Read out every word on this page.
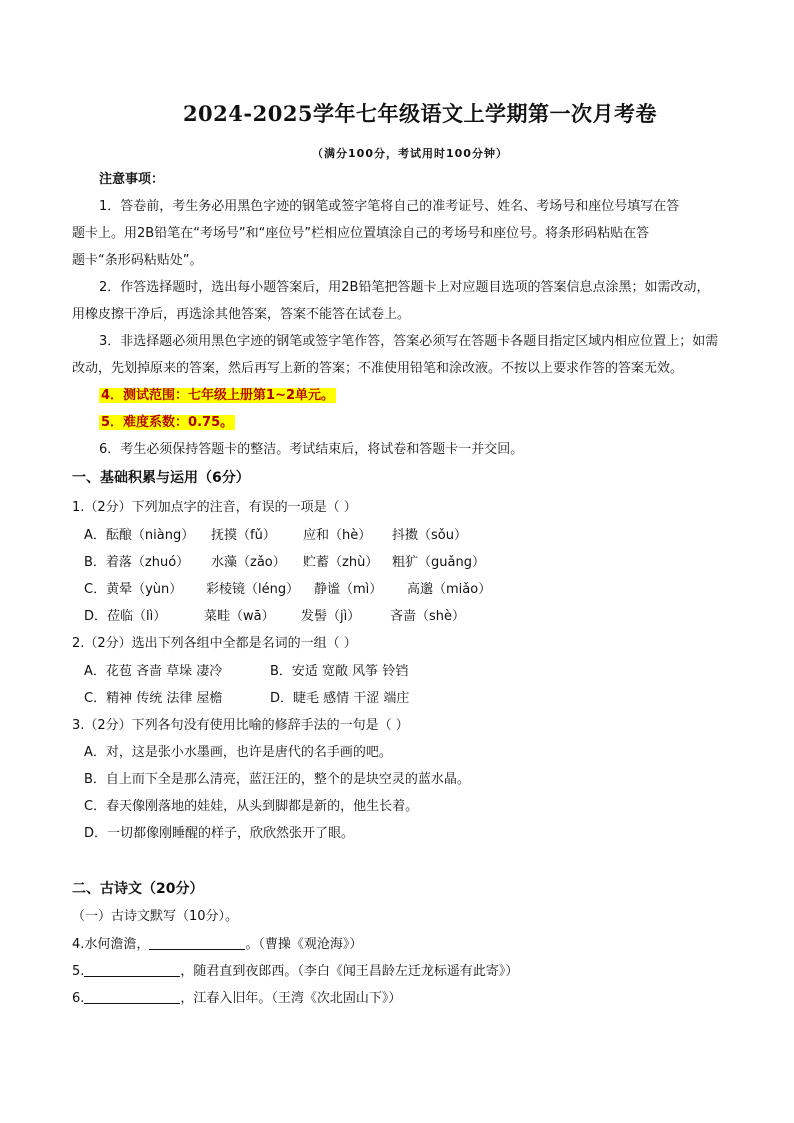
2024-2025学年七年级语文上学期第一次月考卷
（满分100分，考试用时100分钟）
注意事项：
1．答卷前，考生务必用黑色字迹的钢笔或签字笔将自己的准考证号、姓名、考场号和座位号填写在答
题卡上。用2B铅笔在“考场号”和“座位号”栏相应位置填涂自己的考场号和座位号。将条形码粘贴在答
题卡“条形码粘贴处”。
2．作答选择题时，选出每小题答案后，用2B铅笔把答题卡上对应题目选项的答案信息点涂黑；如需改动，
用橡皮擦干净后，再选涂其他答案，答案不能答在试卷上。
3．非选择题必须用黑色字迹的钢笔或签字笔作答，答案必须写在答题卡各题目指定区域内相应位置上；如需
改动，先划掉原来的答案，然后再写上新的答案；不准使用铅笔和涂改液。不按以上要求作答的答案无效。
4．测试范围：七年级上册第1~2单元。
5．难度系数：0.75。
6．考生必须保持答题卡的整洁。考试结束后，将试卷和答题卡一并交回。
一、基础积累与运用（6分）
1.（2分）下列加点字的注音，有误的一项是（ ）
A．酝酿（niàng） 抚摸（fǔ） 应和（hè） 抖擞（sǒu）
B．着落（zhuó） 水藻（zǎo） 贮蓄（zhù） 粗犷（guǎng）
C．黄晕（yùn） 彩棱镜（léng） 静谧（mì） 高邈（miǎo）
D．莅临（lì）	菜畦（wā） 发髻（jì） 吝啬（shè）
2.（2分）选出下列各组中全都是名词的一组（ ）
A．花苞 吝啬 草垛 凄冷	B．安适 宽敞 风筝 铃铛
C．精神 传统 法律 屋檐	D．睫毛 感情 干涩 端庄
3.（2分）下列各句没有使用比喻的修辞手法的一句是（ ）
A．对，这是张小水墨画，也许是唐代的名手画的吧。
B．自上而下全是那么清亮，蓝汪汪的，整个的是块空灵的蓝水晶。
C．春天像刚落地的娃娃，从头到脚都是新的，他生长着。
D．一切都像刚睡醒的样子，欣欣然张开了眼。
二、古诗文（20分）
（一）古诗文默写（10分）。
4.水何澹澹，	。（曹操《观沧海》）
5.	，随君直到夜郎西。（李白《闻王昌龄左迁龙标遥有此寄》）
6.	，江春入旧年。（王湾《次北固山下》）
